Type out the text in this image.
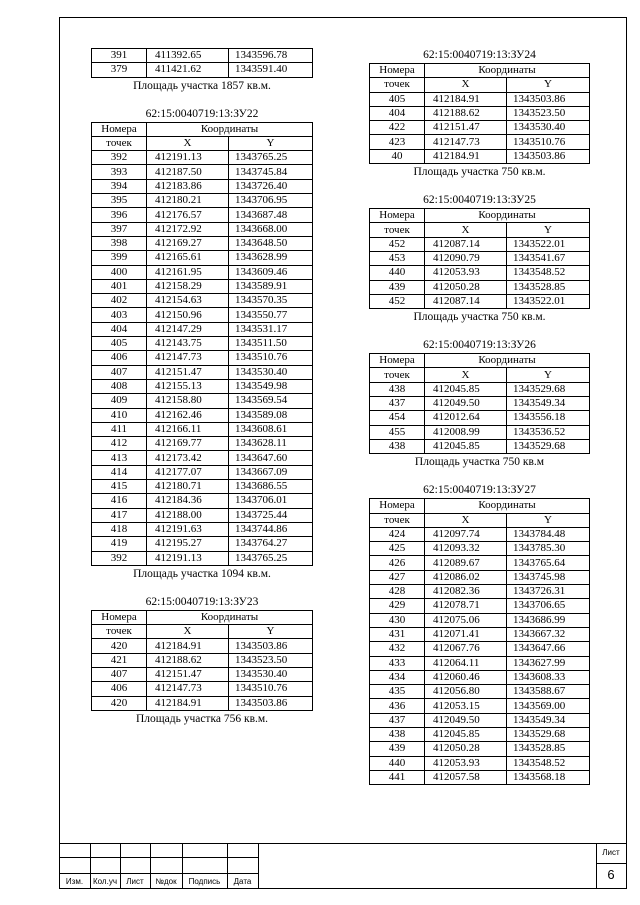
391	411392.65	1343596.78
379	411421.62	1343591.40
Площадь участка 1857 кв.м.
62:15:0040719:13:ЗУ22
Номера	Координаты	
точек	X	Y
392	412191.13	1343765.25
393	412187.50	1343745.84
394	412183.86	1343726.40
395	412180.21	1343706.95
396	412176.57	1343687.48
397	412172.92	1343668.00
398	412169.27	1343648.50
399	412165.61	1343628.99
400	412161.95	1343609.46
401	412158.29	1343589.91
402	412154.63	1343570.35
403	412150.96	1343550.77
404	412147.29	1343531.17
405	412143.75	1343511.50
406	412147.73	1343510.76
407	412151.47	1343530.40
408	412155.13	1343549.98
409	412158.80	1343569.54
410	412162.46	1343589.08
411	412166.11	1343608.61
412	412169.77	1343628.11
413	412173.42	1343647.60
414	412177.07	1343667.09
415	412180.71	1343686.55
416	412184.36	1343706.01
417	412188.00	1343725.44
418	412191.63	1343744.86
419	412195.27	1343764.27
392	412191.13	1343765.25
Площадь участка 1094 кв.м.
62:15:0040719:13:ЗУ23
Номера	Координаты	
точек	X	Y
420	412184.91	1343503.86
421	412188.62	1343523.50
407	412151.47	1343530.40
406	412147.73	1343510.76
420	412184.91	1343503.86
Площадь участка 756 кв.м.
62:15:0040719:13:ЗУ24
Номера	Координаты	
точек	X	Y
405	412184.91	1343503.86
404	412188.62	1343523.50
422	412151.47	1343530.40
423	412147.73	1343510.76
40	412184.91	1343503.86
Площадь участка 750 кв.м.
62:15:0040719:13:ЗУ25
Номера	Координаты	
точек	X	Y
452	412087.14	1343522.01
453	412090.79	1343541.67
440	412053.93	1343548.52
439	412050.28	1343528.85
452	412087.14	1343522.01
Площадь участка 750 кв.м.
62:15:0040719:13:ЗУ26
Номера	Координаты	
точек	X	Y
438	412045.85	1343529.68
437	412049.50	1343549.34
454	412012.64	1343556.18
455	412008.99	1343536.52
438	412045.85	1343529.68
Площадь участка 750 кв.м
62:15:0040719:13:ЗУ27
Номера	Координаты	
точек	X	Y
424	412097.74	1343784.48
425	412093.32	1343785.30
426	412089.67	1343765.64
427	412086.02	1343745.98
428	412082.36	1343726.31
429	412078.71	1343706.65
430	412075.06	1343686.99
431	412071.41	1343667.32
432	412067.76	1343647.66
433	412064.11	1343627.99
434	412060.46	1343608.33
435	412056.80	1343588.67
436	412053.15	1343569.00
437	412049.50	1343549.34
438	412045.85	1343529.68
439	412050.28	1343528.85
440	412053.93	1343548.52
441	412057.58	1343568.18
Изм.	Кол.уч	Лист	№док	Подпись	Дата
Лист
6
